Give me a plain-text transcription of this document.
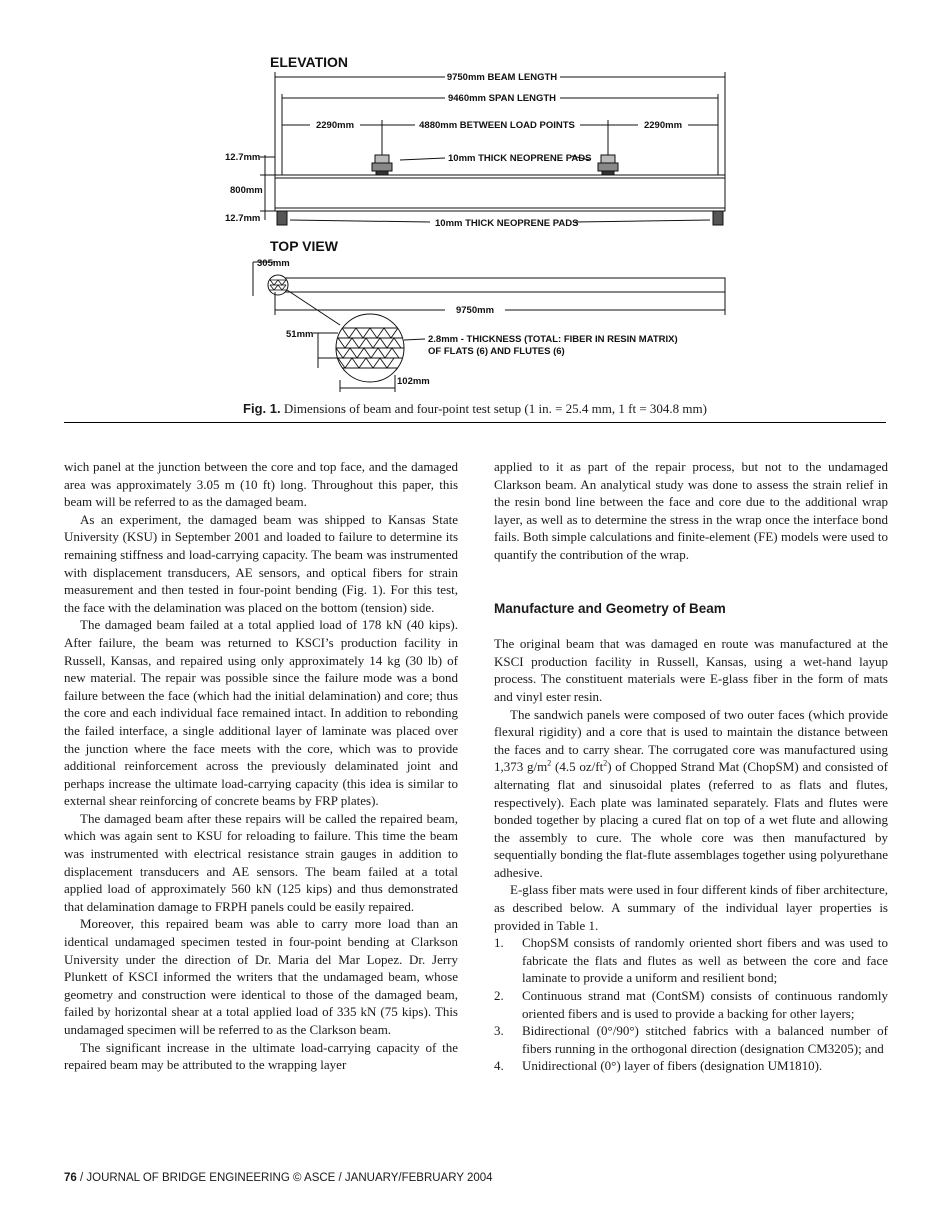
ELEVATION
9750mm BEAM LENGTH
9460mm SPAN LENGTH
2290mm	4880mm BETWEEN LOAD POINTS	2290mm
10mm THICK NEOPRENE PADS
10mm THICK NEOPRENE PADS
12.7mm
800mm
12.7mm
TOP VIEW
305mm
9750mm
51mm
102mm
2.8mm - THICKNESS (TOTAL: FIBER IN RESIN MATRIX)
OF FLATS (6) AND FLUTES (6)
Fig. 1. Dimensions of beam and four-point test setup (1 in. = 25.4 mm, 1 ft = 304.8 mm)

wich panel at the junction between the core and top face, and the damaged area was approximately 3.05 m (10 ft) long. Throughout this paper, this beam will be referred to as the damaged beam.

As an experiment, the damaged beam was shipped to Kansas State University (KSU) in September 2001 and loaded to failure to determine its remaining stiffness and load-carrying capacity. The beam was instrumented with displacement transducers, AE sensors, and optical fibers for strain measurement and then tested in four-point bending (Fig. 1). For this test, the face with the delamination was placed on the bottom (tension) side.

The damaged beam failed at a total applied load of 178 kN (40 kips). After failure, the beam was returned to KSCI’s production facility in Russell, Kansas, and repaired using only approximately 14 kg (30 lb) of new material. The repair was possible since the failure mode was a bond failure between the face (which had the initial delamination) and core; thus the core and each individual face remained intact. In addition to rebonding the failed interface, a single additional layer of laminate was placed over the junction where the face meets with the core, which was to provide additional reinforcement across the previously delaminated joint and perhaps increase the ultimate load-carrying capacity (this idea is similar to external shear reinforcing of concrete beams by FRP plates).

The damaged beam after these repairs will be called the repaired beam, which was again sent to KSU for reloading to failure. This time the beam was instrumented with electrical resistance strain gauges in addition to displacement transducers and AE sensors. The beam failed at a total applied load of approximately 560 kN (125 kips) and thus demonstrated that delamination damage to FRPH panels could be easily repaired.

Moreover, this repaired beam was able to carry more load than an identical undamaged specimen tested in four-point bending at Clarkson University under the direction of Dr. Maria del Mar Lopez. Dr. Jerry Plunkett of KSCI informed the writers that the undamaged beam, whose geometry and construction were identical to those of the damaged beam, failed by horizontal shear at a total applied load of 335 kN (75 kips). This undamaged specimen will be referred to as the Clarkson beam.

The significant increase in the ultimate load-carrying capacity of the repaired beam may be attributed to the wrapping layer

applied to it as part of the repair process, but not to the undamaged Clarkson beam. An analytical study was done to assess the strain relief in the resin bond line between the face and core due to the additional wrap layer, as well as to determine the stress in the wrap once the interface bond fails. Both simple calculations and finite-element (FE) models were used to quantify the contribution of the wrap.

Manufacture and Geometry of Beam

The original beam that was damaged en route was manufactured at the KSCI production facility in Russell, Kansas, using a wet-hand layup process. The constituent materials were E-glass fiber in the form of mats and vinyl ester resin.

The sandwich panels were composed of two outer faces (which provide flexural rigidity) and a core that is used to maintain the distance between the faces and to carry shear. The corrugated core was manufactured using 1,373 $g/m^2$ (4.5 $oz/ft^2$) of Chopped Strand Mat (ChopSM) and consisted of alternating flat and sinusoidal plates (referred to as flats and flutes, respectively). Each plate was laminated separately. Flats and flutes were bonded together by placing a cured flat on top of a wet flute and allowing the assembly to cure. The whole core was then manufactured by sequentially bonding the flat-flute assemblages together using polyurethane adhesive.

E-glass fiber mats were used in four different kinds of fiber architecture, as described below. A summary of the individual layer properties is provided in Table 1.

1. ChopSM consists of randomly oriented short fibers and was used to fabricate the flats and flutes as well as between the core and face laminate to provide a uniform and resilient bond;
2. Continuous strand mat (ContSM) consists of continuous randomly oriented fibers and is used to provide a backing for other layers;
3. Bidirectional (0°/90°) stitched fabrics with a balanced number of fibers running in the orthogonal direction (designation CM3205); and
4. Unidirectional (0°) layer of fibers (designation UM1810).
76 / JOURNAL OF BRIDGE ENGINEERING © ASCE / JANUARY/FEBRUARY 2004
